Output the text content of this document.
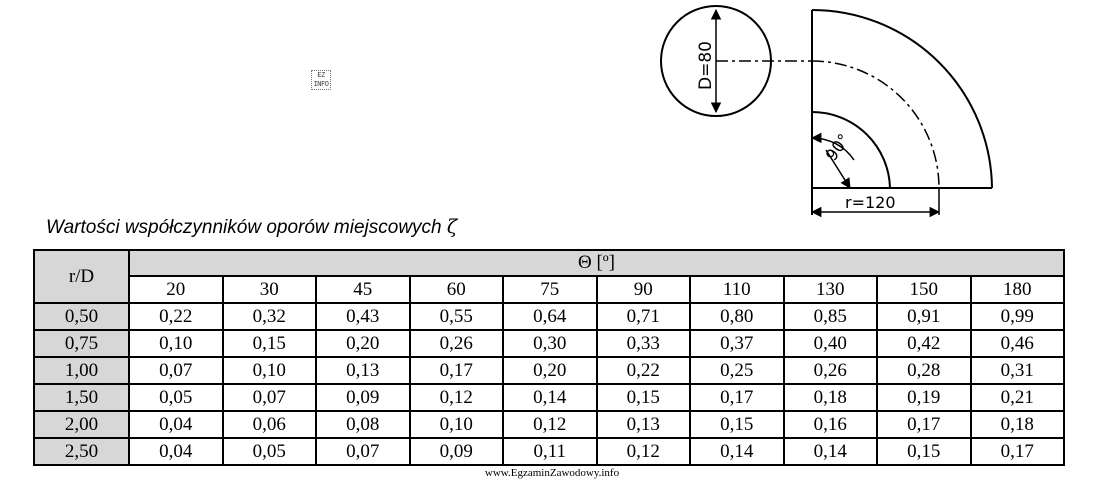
EZ
INFO	D=80
90°
r=120
Wartości współczynników oporów miejscowych ζ
r/D	Θ [º]									
	20	30	45	60	75	90	110	130	150	180
0,50	0,22	0,32	0,43	0,55	0,64	0,71	0,80	0,85	0,91	0,99
0,75	0,10	0,15	0,20	0,26	0,30	0,33	0,37	0,40	0,42	0,46
1,00	0,07	0,10	0,13	0,17	0,20	0,22	0,25	0,26	0,28	0,31
1,50	0,05	0,07	0,09	0,12	0,14	0,15	0,17	0,18	0,19	0,21
2,00	0,04	0,06	0,08	0,10	0,12	0,13	0,15	0,16	0,17	0,18
2,50	0,04	0,05	0,07	0,09	0,11	0,12	0,14	0,14	0,15	0,17
www.EgzaminZawodowy.info
